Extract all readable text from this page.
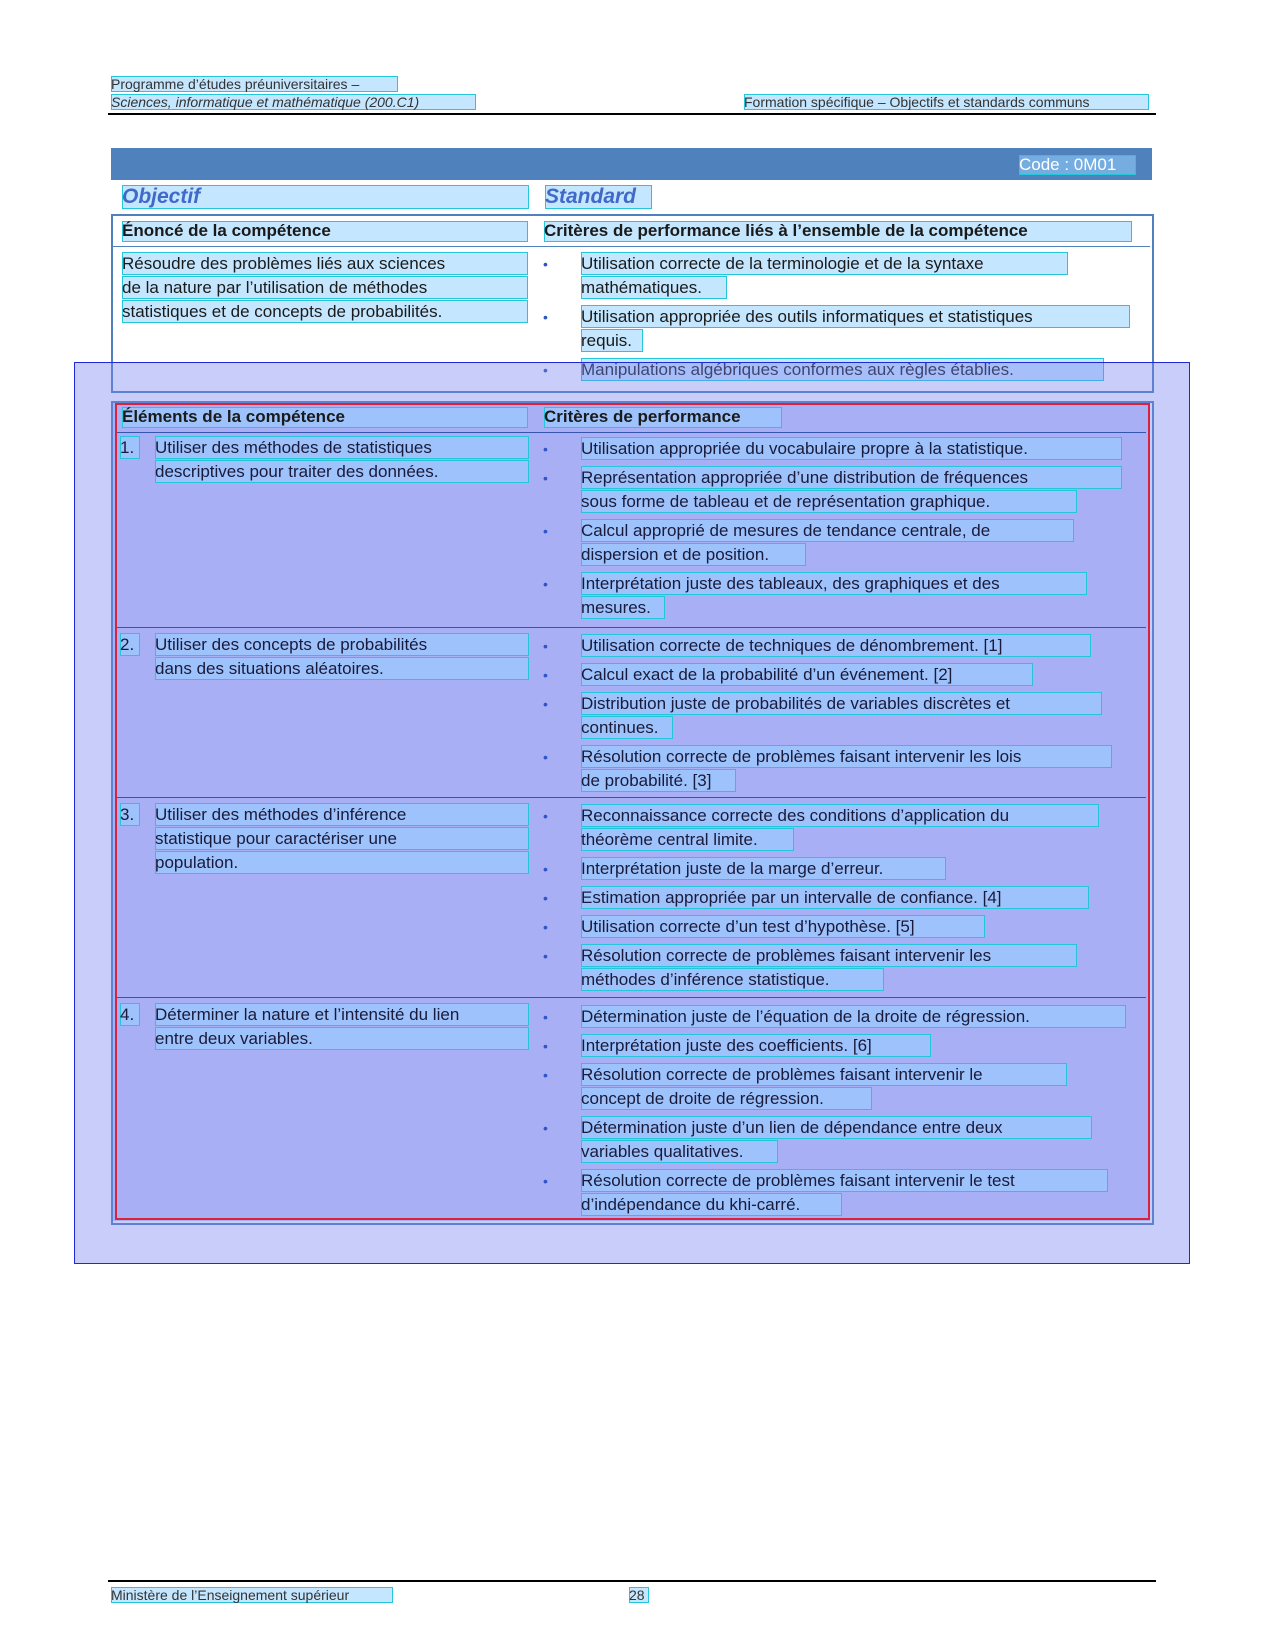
Programme d’études préuniversitaires –
Sciences, informatique et mathématique (200.C1)	Formation spécifique – Objectifs et standards communs
Code : 0M01
Objectif	Standard
Énoncé de la compétence	Critères de performance liés à l’ensemble de la compétence
Résoudre des problèmes liés aux sciences
de la nature par l’utilisation de méthodes
statistiques et de concepts de probabilités.
• Utilisation correcte de la terminologie et de la syntaxe
mathématiques.
• Utilisation appropriée des outils informatiques et statistiques
requis.
• Manipulations algébriques conformes aux règles établies.
Éléments de la compétence	Critères de performance
1.	Utiliser des méthodes de statistiques
descriptives pour traiter des données.
• Utilisation appropriée du vocabulaire propre à la statistique.
• Représentation appropriée d’une distribution de fréquences
sous forme de tableau et de représentation graphique.
• Calcul approprié de mesures de tendance centrale, de
dispersion et de position.
• Interprétation juste des tableaux, des graphiques et des
mesures.
2.	Utiliser des concepts de probabilités
dans des situations aléatoires.
• Utilisation correcte de techniques de dénombrement. [1]
• Calcul exact de la probabilité d’un événement. [2]
• Distribution juste de probabilités de variables discrètes et
continues.
• Résolution correcte de problèmes faisant intervenir les lois
de probabilité. [3]
3.	Utiliser des méthodes d’inférence
statistique pour caractériser une
population.
• Reconnaissance correcte des conditions d’application du
théorème central limite.
• Interprétation juste de la marge d’erreur.
• Estimation appropriée par un intervalle de confiance. [4]
• Utilisation correcte d’un test d’hypothèse. [5]
• Résolution correcte de problèmes faisant intervenir les
méthodes d’inférence statistique.
4.	Déterminer la nature et l’intensité du lien
entre deux variables.
• Détermination juste de l’équation de la droite de régression.
• Interprétation juste des coefficients. [6]
• Résolution correcte de problèmes faisant intervenir le
concept de droite de régression.
• Détermination juste d’un lien de dépendance entre deux
variables qualitatives.
• Résolution correcte de problèmes faisant intervenir le test
d’indépendance du khi-carré.
Ministère de l’Enseignement supérieur	28
